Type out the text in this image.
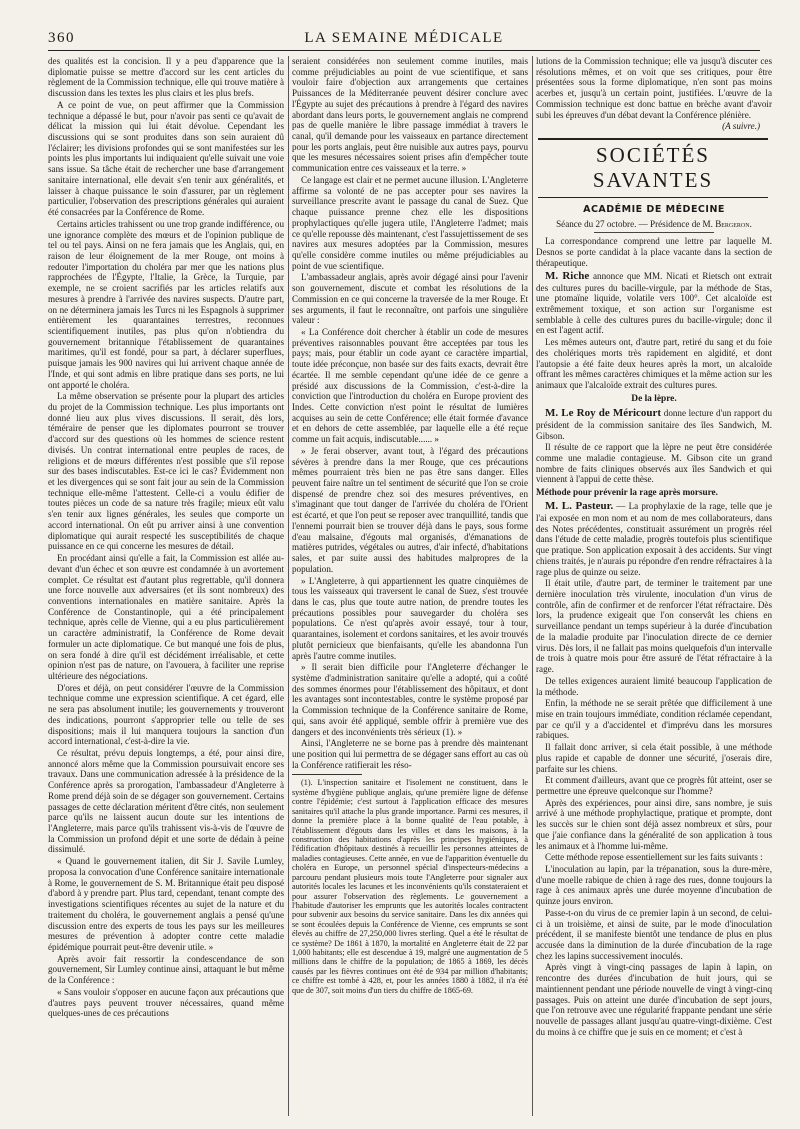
360	LA SEMAINE MÉDICALE

des qualités est la concision. Il y a peu d'apparence que la diplomatie puisse se mettre d'accord sur les cent articles du règlement de la Commission technique, elle qui trouve matière à discussion dans les textes les plus clairs et les plus brefs.

A ce point de vue, on peut affirmer que la Commission technique a dépassé le but, pour n'avoir pas senti ce qu'avait de délicat la mission qui lui était dévolue. Cependant les discussions qui se sont produites dans son sein auraient dû l'éclairer; les divisions profondes qui se sont manifestées sur les points les plus importants lui indiquaient qu'elle suivait une voie sans issue. Sa tâche était de rechercher une base d'arrangement sanitaire international, elle devait s'en tenir aux généralités, et laisser à chaque puissance le soin d'assurer, par un règlement particulier, l'observation des prescriptions générales qui auraient été consacrées par la Conférence de Rome.

Certains articles trahissent ou une trop grande indifférence, ou une ignorance complète des mœurs et de l'opinion publique de tel ou tel pays. Ainsi on ne fera jamais que les Anglais, qui, en raison de leur éloignement de la mer Rouge, ont moins à redouter l'importation du choléra par mer que les nations plus rapprochées de l'Égypte, l'Italie, la Grèce, la Turquie, par exemple, ne se croient sacrifiés par les articles relatifs aux mesures à prendre à l'arrivée des navires suspects. D'autre part, on ne déterminera jamais les Turcs ni les Espagnols à supprimer entièrement les quarantaines terrestres, reconnues scientifiquement inutiles, pas plus qu'on n'obtiendra du gouvernement britannique l'établissement de quarantaines maritimes, qu'il est fondé, pour sa part, à déclarer superflues, puisque jamais les 900 navires qui lui arrivent chaque année de l'Inde, et qui sont admis en libre pratique dans ses ports, ne lui ont apporté le choléra.

La même observation se présente pour la plupart des articles du projet de la Commission technique. Les plus importants ont donné lieu aux plus vives discussions. Il serait, dès lors, téméraire de penser que les diplomates pourront se trouver d'accord sur des questions où les hommes de science restent divisés. Un contrat international entre peuples de races, de religions et de mœurs différentes n'est possible que s'il repose sur des bases indiscutables. Est-ce ici le cas? Évidemment non et les divergences qui se sont fait jour au sein de la Commission technique elle-même l'attestent. Celle-ci a voulu édifier de toutes pièces un code de sa nature très fragile; mieux eût valu s'en tenir aux lignes générales, les seules que comporte un accord international. On eût pu arriver ainsi à une convention diplomatique qui aurait respecté les susceptibilités de chaque puissance en ce qui concerne les mesures de détail.

En procédant ainsi qu'elle a fait, la Commission est allée au-devant d'un échec et son œuvre est condamnée à un avortement complet. Ce résultat est d'autant plus regrettable, qu'il donnera une force nouvelle aux adversaires (et ils sont nombreux) des conventions internationales en matière sanitaire. Après la Conférence de Constantinople, qui a été principalement technique, après celle de Vienne, qui a eu plus particulièrement un caractère administratif, la Conférence de Rome devait formuler un acte diplomatique. Ce but manqué une fois de plus, on sera fondé à dire qu'il est décidément irréalisable, et cette opinion n'est pas de nature, on l'avouera, à faciliter une reprise ultérieure des négociations.

D'ores et déjà, on peut considérer l'œuvre de la Commission technique comme une expression scientifique. A cet égard, elle ne sera pas absolument inutile; les gouvernements y trouveront des indications, pourront s'approprier telle ou telle de ses dispositions; mais il lui manquera toujours la sanction d'un accord international, c'est-à-dire la vie.

Ce résultat, prévu depuis longtemps, a été, pour ainsi dire, annoncé alors même que la Commission poursuivait encore ses travaux. Dans une communication adressée à la présidence de la Conférence après sa prorogation, l'ambassadeur d'Angleterre à Rome prend déjà soin de se dégager son gouvernement. Certains passages de cette déclaration méritent d'être cités, non seulement parce qu'ils ne laissent aucun doute sur les intentions de l'Angleterre, mais parce qu'ils trahissent vis-à-vis de l'œuvre de la Commission un profond dépit et une sorte de dédain à peine dissimulé.

« Quand le gouvernement italien, dit Sir J. Savile Lumley, proposa la convocation d'une Conférence sanitaire internationale à Rome, le gouvernement de S. M. Britannique était peu disposé d'abord à y prendre part. Plus tard, cependant, tenant compte des investigations scientifiques récentes au sujet de la nature et du traitement du choléra, le gouvernement anglais a pensé qu'une discussion entre des experts de tous les pays sur les meilleures mesures de prévention à adopter contre cette maladie épidémique pourrait peut-être devenir utile. »

Après avoir fait ressortir la condescendance de son gouvernement, Sir Lumley continue ainsi, attaquant le but même de la Conférence :

« Sans vouloir s'opposer en aucune façon aux précautions que d'autres pays peuvent trouver nécessaires, quand même quelques-unes de ces précautions

seraient considérées non seulement comme inutiles, mais comme préjudiciables au point de vue scientifique, et sans vouloir faire d'objection aux arrangements que certaines Puissances de la Méditerranée peuvent désirer conclure avec l'Égypte au sujet des précautions à prendre à l'égard des navires abordant dans leurs ports, le gouvernement anglais ne comprend pas de quelle manière le libre passage immédiat à travers le canal, qu'il demande pour les vaisseaux en partance directement pour les ports anglais, peut être nuisible aux autres pays, pourvu que les mesures nécessaires soient prises afin d'empêcher toute communication entre ces vaisseaux et la terre. »

Ce langage est clair et ne permet aucune illusion. L'Angleterre affirme sa volonté de ne pas accepter pour ses navires la surveillance prescrite avant le passage du canal de Suez. Que chaque puissance prenne chez elle les dispositions prophylactiques qu'elle jugera utile, l'Angleterre l'admet; mais ce qu'elle repousse dès maintenant, c'est l'assujettissement de ses navires aux mesures adoptées par la Commission, mesures qu'elle considère comme inutiles ou même préjudiciables au point de vue scientifique.

L'ambassadeur anglais, après avoir dégagé ainsi pour l'avenir son gouvernement, discute et combat les résolutions de la Commission en ce qui concerne la traversée de la mer Rouge. Et ses arguments, il faut le reconnaître, ont parfois une singulière valeur :

« La Conférence doit chercher à établir un code de mesures préventives raisonnables pouvant être acceptées par tous les pays; mais, pour établir un code ayant ce caractère impartial, toute idée préconçue, non basée sur des faits exacts, devrait être écartée. Il me semble cependant qu'une idée de ce genre a présidé aux discussions de la Commission, c'est-à-dire la conviction que l'introduction du choléra en Europe provient des Indes. Cette conviction n'est point le résultat de lumières acquises au sein de cette Conférence; elle était formée d'avance et en dehors de cette assemblée, par laquelle elle a été reçue comme un fait acquis, indiscutable...... »

» Je ferai observer, avant tout, à l'égard des précautions sévères à prendre dans la mer Rouge, que ces précautions mêmes pourraient très bien ne pas être sans danger. Elles peuvent faire naître un tel sentiment de sécurité que l'on se croie dispensé de prendre chez soi des mesures préventives, en s'imaginant que tout danger de l'arrivée du choléra de l'Orient est écarté, et que l'on peut se reposer avec tranquillité, tandis que l'ennemi pourrait bien se trouver déjà dans le pays, sous forme d'eau malsaine, d'égouts mal organisés, d'émanations de matières putrides, végétales ou autres, d'air infecté, d'habitations sales, et par suite aussi des habitudes malpropres de la population.

» L'Angleterre, à qui appartiennent les quatre cinquièmes de tous les vaisseaux qui traversent le canal de Suez, s'est trouvée dans le cas, plus que toute autre nation, de prendre toutes les précautions possibles pour sauvegarder du choléra ses populations. Ce n'est qu'après avoir essayé, tour à tour, quarantaines, isolement et cordons sanitaires, et les avoir trouvés plutôt pernicieux que bienfaisants, qu'elle les abandonna l'un après l'autre comme inutiles.

» Il serait bien difficile pour l'Angleterre d'échanger le système d'administration sanitaire qu'elle a adopté, qui a coûté des sommes énormes pour l'établissement des hôpitaux, et dont les avantages sont incontestables, contre le système proposé par la Commission technique de la Conférence sanitaire de Rome, qui, sans avoir été appliqué, semble offrir à première vue des dangers et des inconvénients très sérieux (1). »

Ainsi, l'Angleterre ne se borne pas à prendre dès maintenant une position qui lui permettra de se dégager sans effort au cas où la Conférence ratifierait les réso-

(1). L'inspection sanitaire et l'isolement ne constituent, dans le système d'hygiène publique anglais, qu'une première ligne de défense contre l'épidémie; c'est surtout à l'application efficace des mesures sanitaires qu'il attache la plus grande importance. Parmi ces mesures, il donne la première place à la bonne qualité de l'eau potable, à l'établissement d'égouts dans les villes et dans les maisons, à la construction des habitations d'après les principes hygiéniques, à l'édification d'hôpitaux destinés à recueillir les personnes atteintes de maladies contagieuses. Cette année, en vue de l'apparition éventuelle du choléra en Europe, un personnel spécial d'inspecteurs-médecins a parcouru pendant plusieurs mois toute l'Angleterre pour signaler aux autorités locales les lacunes et les inconvénients qu'ils constateraient et pour assurer l'observation des règlements. Le gouvernement a l'habitude d'autoriser les emprunts que les autorités locales contractent pour subvenir aux besoins du service sanitaire. Dans les dix années qui se sont écoulées depuis la Conférence de Vienne, ces emprunts se sont élevés au chiffre de 27,250,000 livres sterling. Quel a été le résultat de ce système? De 1861 à 1870, la mortalité en Angleterre était de 22 par 1,000 habitants; elle est descendue à 19, malgré une augmentation de 5 millions dans le chiffre de la population; de 1865 à 1869, les décès causés par les fièvres continues ont été de 934 par million d'habitants; ce chiffre est tombé à 428, et, pour les années 1880 à 1882, il n'a été que de 307, soit moins d'un tiers du chiffre de 1865-69.

lutions de la Commission technique; elle va jusqu'à discuter ces résolutions mêmes, et on voit que ses critiques, pour être présentées sous la forme diplomatique, n'en sont pas moins acerbes et, jusqu'à un certain point, justifiées. L'œuvre de la Commission technique est donc battue en brèche avant d'avoir subi les épreuves d'un débat devant la Conférence plénière.

(A suivre.)
SOCIÉTÉS SAVANTES
ACADÉMIE DE MÉDECINE
Séance du 27 octobre. — Présidence de M. Bergeron.

La correspondance comprend une lettre par laquelle M. Desnos se porte candidat à la place vacante dans la section de thérapeutique.

M. Riche annonce que MM. Nicati et Rietsch ont extrait des cultures pures du bacille-virgule, par la méthode de Stas, une ptomaïne liquide, volatile vers 100°. Cet alcaloïde est extrêmement toxique, et son action sur l'organisme est semblable à celle des cultures pures du bacille-virgule; donc il en est l'agent actif.

Les mêmes auteurs ont, d'autre part, retiré du sang et du foie des cholériques morts très rapidement en algidité, et dont l'autopsie a été faite deux heures après la mort, un alcaloïde offrant les mêmes caractères chimiques et la même action sur les animaux que l'alcaloïde extrait des cultures pures.

De la lèpre.

M. Le Roy de Méricourt donne lecture d'un rapport du président de la commission sanitaire des îles Sandwich, M. Gibson.

Il résulte de ce rapport que la lèpre ne peut être considérée comme une maladie contagieuse. M. Gibson cite un grand nombre de faits cliniques observés aux îles Sandwich et qui viennent à l'appui de cette thèse.

Méthode pour prévenir la rage après morsure.

M. L. Pasteur. — La prophylaxie de la rage, telle que je l'ai exposée en mon nom et au nom de mes collaborateurs, dans des Notes précédentes, constituait assurément un progrès réel dans l'étude de cette maladie, progrès toutefois plus scientifique que pratique. Son application exposait à des accidents. Sur vingt chiens traités, je n'aurais pu répondre d'en rendre réfractaires à la rage plus de quinze ou seize.

Il était utile, d'autre part, de terminer le traitement par une dernière inoculation très virulente, inoculation d'un virus de contrôle, afin de confirmer et de renforcer l'état réfractaire. Dès lors, la prudence exigeait que l'on conservât les chiens en surveillance pendant un temps supérieur à la durée d'incubation de la maladie produite par l'inoculation directe de ce dernier virus. Dès lors, il ne fallait pas moins quelquefois d'un intervalle de trois à quatre mois pour être assuré de l'état réfractaire à la rage.

De telles exigences auraient limité beaucoup l'application de la méthode.

Enfin, la méthode ne se serait prêtée que difficilement à une mise en train toujours immédiate, condition réclamée cependant, par ce qu'il y a d'accidentel et d'imprévu dans les morsures rabiques.

Il fallait donc arriver, si cela était possible, à une méthode plus rapide et capable de donner une sécurité, j'oserais dire, parfaite sur les chiens.

Et comment d'ailleurs, avant que ce progrès fût atteint, oser se permettre une épreuve quelconque sur l'homme?

Après des expériences, pour ainsi dire, sans nombre, je suis arrivé à une méthode prophylactique, pratique et prompte, dont les succès sur le chien sont déjà assez nombreux et sûrs, pour que j'aie confiance dans la généralité de son application à tous les animaux et à l'homme lui-même.

Cette méthode repose essentiellement sur les faits suivants :

L'inoculation au lapin, par la trépanation, sous la dure-mère, d'une moelle rabique de chien à rage des rues, donne toujours la rage à ces animaux après une durée moyenne d'incubation de quinze jours environ.

Passe-t-on du virus de ce premier lapin à un second, de celui-ci à un troisième, et ainsi de suite, par le mode d'inoculation précédent, il se manifeste bientôt une tendance de plus en plus accusée dans la diminution de la durée d'incubation de la rage chez les lapins successivement inoculés.

Après vingt à vingt-cinq passages de lapin à lapin, on rencontre des durées d'incubation de huit jours, qui se maintiennent pendant une période nouvelle de vingt à vingt-cinq passages. Puis on atteint une durée d'incubation de sept jours, que l'on retrouve avec une régularité frappante pendant une série nouvelle de passages allant jusqu'au quatre-vingt-dixième. C'est du moins à ce chiffre que je suis en ce moment; et c'est à
